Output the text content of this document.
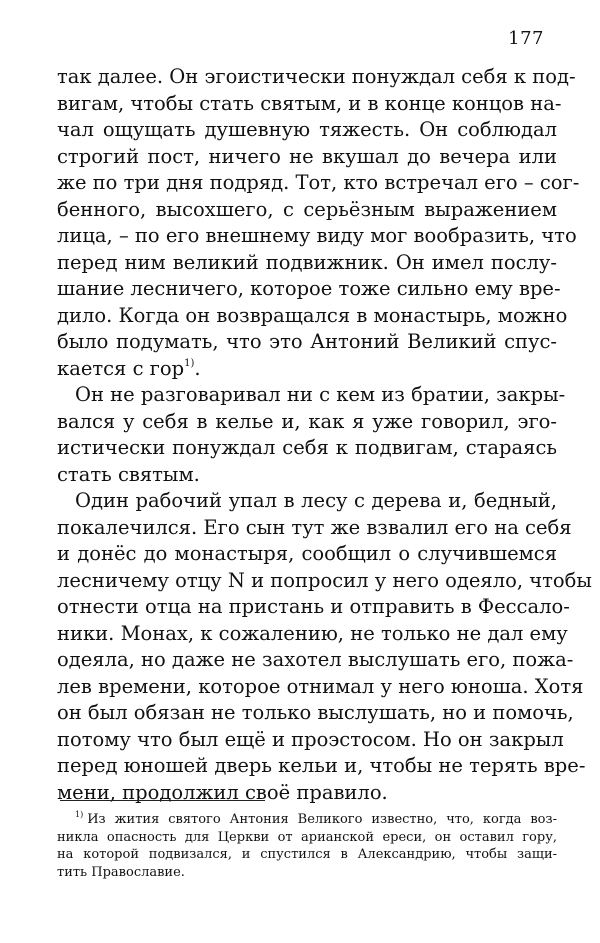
177
так далее. Он эгоистически понуждал себя к под-
вигам, чтобы стать святым, и в конце концов на-
чал ощущать душевную тяжесть. Он соблюдал
строгий пост, ничего не вкушал до вечера или
же по три дня подряд. Тот, кто встречал его – сог-
бенного, высохшего, с серьёзным выражением
лица, – по его внешнему виду мог вообразить, что
перед ним великий подвижник. Он имел послу-
шание лесничего, которое тоже сильно ему вре-
дило. Когда он возвращался в монастырь, можно
было подумать, что это Антоний Великий спус-
кается с гор$^{1)}$.
Он не разговаривал ни с кем из братии, закры-
вался у себя в келье и, как я уже говорил, эго-
истически понуждал себя к подвигам, стараясь
стать святым.
Один рабочий упал в лесу с дерева и, бедный,
покалечился. Его сын тут же взвалил его на себя
и донёс до монастыря, сообщил о случившемся
лесничему отцу N и попросил у него одеяло, чтобы
отнести отца на пристань и отправить в Фессало-
ники. Монах, к сожалению, не только не дал ему
одеяла, но даже не захотел выслушать его, пожа-
лев времени, которое отнимал у него юноша. Хотя
он был обязан не только выслушать, но и помочь,
потому что был ещё и проэстосом. Но он закрыл
перед юношей дверь кельи и, чтобы не терять вре-
мени, продолжил своё правило.
$^{1)}$ Из жития святого Антония Великого известно, что, когда воз-
никла опасность для Церкви от арианской ереси, он оставил гору,
на которой подвизался, и спустился в Александрию, чтобы защи-
тить Православие.
